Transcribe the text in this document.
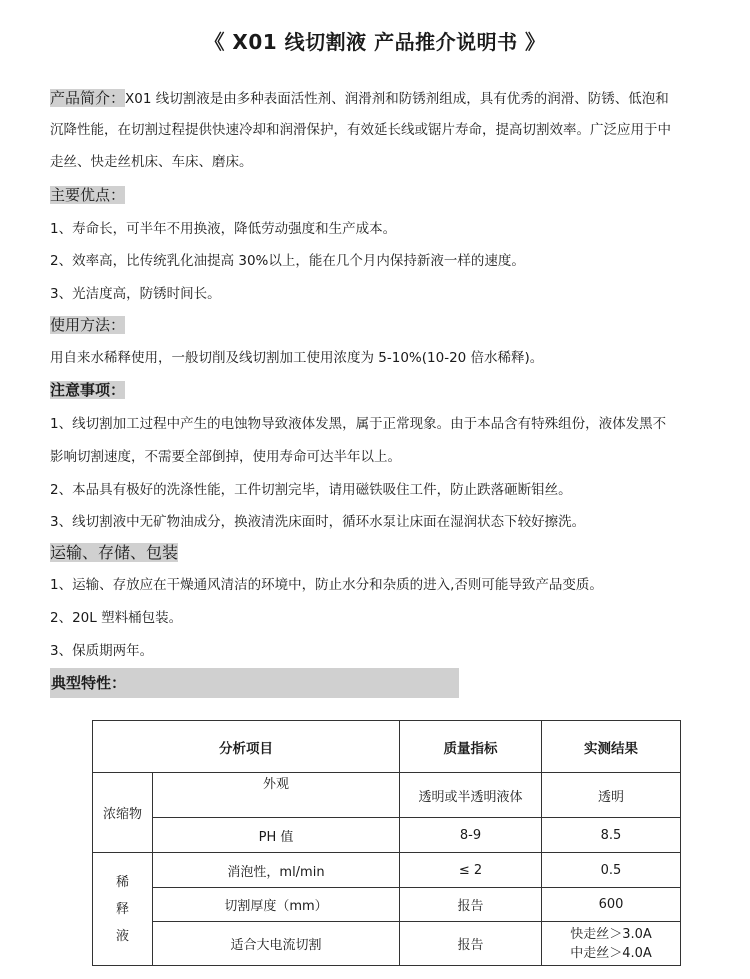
《 X01 线切割液 产品推介说明书 》
产品简介：X01 线切割液是由多种表面活性剂、润滑剂和防锈剂组成，具有优秀的润滑、防锈、低泡和
沉降性能，在切割过程提供快速冷却和润滑保护，有效延长线或锯片寿命，提高切割效率。广泛应用于中
走丝、快走丝机床、车床、磨床。
主要优点：
1、寿命长，可半年不用换液，降低劳动强度和生产成本。
2、效率高，比传统乳化油提高 30%以上，能在几个月内保持新液一样的速度。
3、光洁度高，防锈时间长。
使用方法：
用自来水稀释使用，一般切削及线切割加工使用浓度为 5-10%(10-20 倍水稀释)。
注意事项：
1、线切割加工过程中产生的电蚀物导致液体发黑，属于正常现象。由于本品含有特殊组份，液体发黑不
影响切割速度，不需要全部倒掉，使用寿命可达半年以上。
2、本品具有极好的洗涤性能，工件切割完毕，请用磁铁吸住工件，防止跌落砸断钼丝。
3、线切割液中无矿物油成分，换液清洗床面时，循环水泵让床面在湿润状态下较好擦洗。
运输、存储、包装
1、运输、存放应在干燥通风清洁的环境中，防止水分和杂质的进入,否则可能导致产品变质。
2、20L 塑料桶包装。
3、保质期两年。
典型特性：
分析项目		质量指标	实测结果
浓缩物	外观	透明或半透明液体	透明
	PH 值	8-9	8.5
稀
释
液	消泡性，ml/min	≤ 2	0.5
	切割厚度（mm）	报告	600
	适合大电流切割	报告	快走丝＞3.0A
中走丝＞4.0A
